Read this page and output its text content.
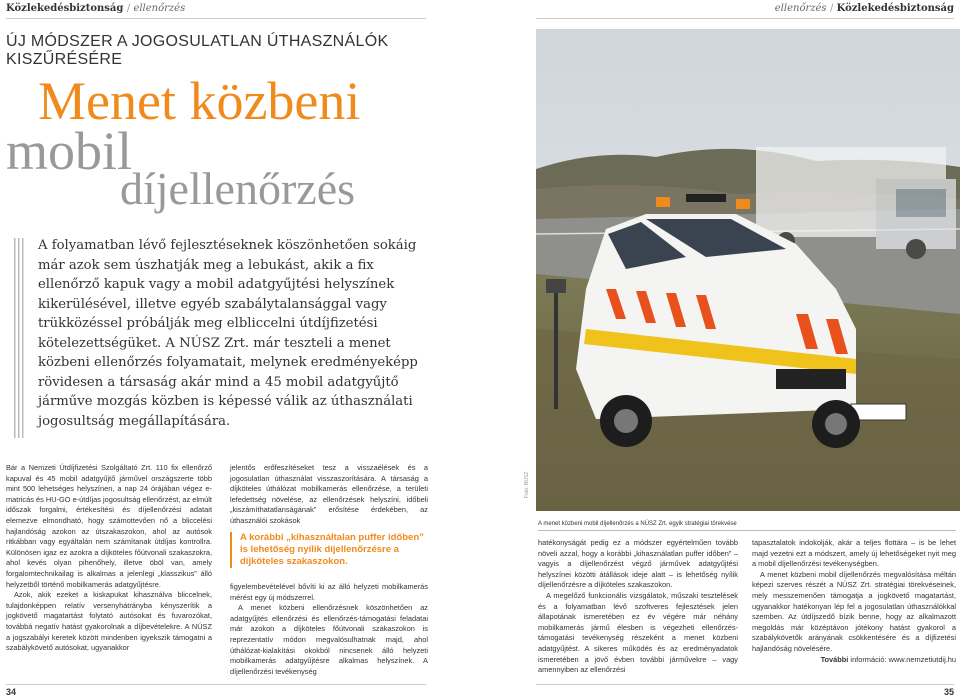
Közlekedésbiztonság / ellenőrzés	ellenőrzés / Közlekedésbiztonság
ÚJ MÓDSZER A JOGOSULATLAN ÚTHASZNÁLÓK KISZŰRÉSÉRE
Menet közbeni
mobil
díjellenőrzés
A folyamatban lévő fejlesztéseknek köszönhetően sokáig már azok sem úszhatják meg a lebukást, akik a fix ellenőrző kapuk vagy a mobil adatgyűjtési helyszínek kikerülésével, illetve egyéb szabálytalansággal vagy trükközéssel próbálják meg elbliccelni útdíjfizetési kötelezettségüket. A NÚSZ Zrt. már teszteli a menet közbeni ellenőrzés folyamatait, melynek eredményeképp rövidesen a társaság akár mind a 45 mobil adatgyűjtő járműve mozgás közben is képessé válik az úthasználati jogosultság megállapítására.

Bár a Nemzeti Útdíjfizetési Szolgáltató Zrt. 110 fix ellenőrző kapuval és 45 mobil adatgyűjtő járművel országszerte több mint 500 lehetséges helyszínen, a nap 24 órájában végez e-matricás és HU-GO e-útdíjas jogosultság ellenőrzést, az elmúlt időszak forgalmi, értékesítési és díjellenőrzési adatait elemezve elmondható, hogy számottevően nő a bliccelési hajlandóság azokon az útszakaszokon, ahol az autósok ritkábban vagy egyáltalán nem számítanak útdíjas kontrollra. Különösen igaz ez azokra a díjköteles főútvonali szakaszokra, ahol kevés olyan pihenőhely, illetve öböl van, amely forgalomtechnikailag is alkalmas a jelenlegi „klasszikus” álló helyzetből történő mobilkamerás adatgyűjtésre.

Azok, akik ezeket a kiskapukat kihasználva bliccelnek, tulajdonképpen relatív versenyhátrányba kényszerítik a jogkövető magatartást folytató autósokat és fuvarozókat, továbbá negatív hatást gyakorolnak a díjbevételekre. A NÚSZ a jogszabályi keretek között mindenben igyekszik támogatni a szabálykövető autósokat, ugyanakkor

jelentős erőfeszítéseket tesz a visszaélések és a jogosulatlan úthasználat visszaszorítására. A társaság a díjköteles úthálózat mobilkamerás ellenőrzése, a területi lefedettség növelése, az ellenőrzések helyszíni, időbeli „kiszámíthatatlanságának” erősítése érdekében, az úthasználói szokások

A korábbi „kihasználtalan puffer időben” is lehetőség nyílik díjellenőrzésre a díjköteles szakaszokon.

figyelembevételével bővíti ki az álló helyzeti mobilkamerás mérést egy új módszerrel.

A menet közbeni ellenőrzésnek köszönhetően az adatgyűjtés ellenőrzési és ellenőrzés-támogatási feladatai már azokon a díjköteles főútvonali szakaszokon is reprezentatív módon megvalósulhatnak majd, ahol úthálózat-kialakítási okokból nincsenek álló helyzeti mobilkamerás adatgyűjtésre alkalmas helyszínek. A díjellenőrzési tevékenység

Fotó: NÚSZ
A menet közbeni mobil díjellenőrzés a NÚSZ Zrt. egyik stratégiai törekvése

hatékonyságát pedig ez a módszer egyértelműen tovább növeli azzal, hogy a korábbi „kihasználatlan puffer időben” – vagyis a díjellenőrzést végző járművek adatgyűjtési helyszínei közötti átállások ideje alatt – is lehetőség nyílik díjellenőrzésre a díjköteles szakaszokon.

A megelőző funkcionális vizsgálatok, műszaki tesztelések és a folyamatban lévő szoftveres fejlesztések jelen állapotának ismeretében ez év végére már néhány mobilkamerás jármű élesben is végezheti ellenőrzés-támogatási tevékenység részeként a menet közbeni adatgyűjtést. A sikeres működés és az eredményadatok ismeretében a jövő évben további járművekre – vagy amennyiben az ellenőrzési

tapasztalatok indokolják, akár a teljes flottára – is be lehet majd vezetni ezt a módszert, amely új lehetőségeket nyit meg a mobil díjellenőrzési tevékenységben.

A menet közbeni mobil díjellenőrzés megvalósítása méltán képezi szerves részét a NÚSZ Zrt. stratégiai törekvéseinek, mely messzemenően támogatja a jogkövető magatartást, ugyanakkor hatékonyan lép fel a jogosulatlan úthasználókkal szemben. Az útdíjszedő bízik benne, hogy az alkalmazott megoldás már középtávon jótékony hatást gyakorol a szabálykövetők arányának csökkentésére és a díjfizetési hajlandóság növelésére.

További információ: www.nemzetiutdij.hu

34	35
